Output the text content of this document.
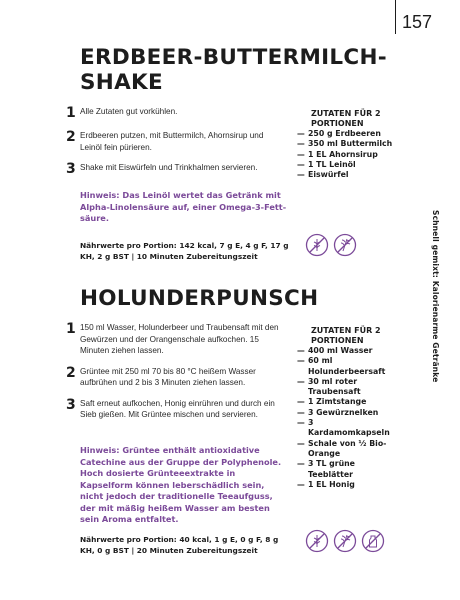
157
Schnell gemixt: Kalorienarme Getränke
ERDBEER-BUTTERMILCH-
SHAKE
1 Alle Zutaten gut vorkühlen.
2 Erdbeeren putzen, mit Buttermilch, Ahornsirup und Leinöl fein pürieren.
3 Shake mit Eiswürfeln und Trinkhalmen servieren.
Hinweis: Das Leinöl wertet das Getränk mit Alpha-Linolensäure auf, einer Omega-3-Fettsäure.
Nährwerte pro Portion: 142 kcal, 7 g E, 4 g F, 17 g KH, 2 g BST | 10 Minuten Zubereitungszeit
ZUTATEN FÜR 2 PORTIONEN
— 250 g Erdbeeren
— 350 ml Buttermilch
— 1 EL Ahornsirup
— 1 TL Leinöl
— Eiswürfel
HOLUNDERPUNSCH
1 150 ml Wasser, Holunderbeer und Traubensaft mit den Gewürzen und der Orangenschale aufkochen. 15 Minuten ziehen lassen.
2 Grüntee mit 250 ml 70 bis 80 °C heißem Wasser aufbrühen und 2 bis 3 Minuten ziehen lassen.
3 Saft erneut aufkochen, Honig einrühren und durch ein Sieb gießen. Mit Grüntee mischen und servieren.
Hinweis: Grüntee enthält antioxidative Catechine aus der Gruppe der Polyphenole. Hoch dosierte Grünteeextrakte in Kapselform können leberschädlich sein, nicht jedoch der traditionelle Teeaufguss, der mit mäßig heißem Wasser am besten sein Aroma entfaltet.
Nährwerte pro Portion: 40 kcal, 1 g E, 0 g F, 8 g KH, 0 g BST | 20 Minuten Zubereitungszeit
ZUTATEN FÜR 2 PORTIONEN
— 400 ml Wasser
— 60 ml Holunderbeersaft
— 30 ml roter Traubensaft
— 1 Zimtstange
— 3 Gewürznelken
— 3 Kardamomkapseln
— Schale von ½ Bio-Orange
— 3 TL grüne Teeblätter
— 1 EL Honig
